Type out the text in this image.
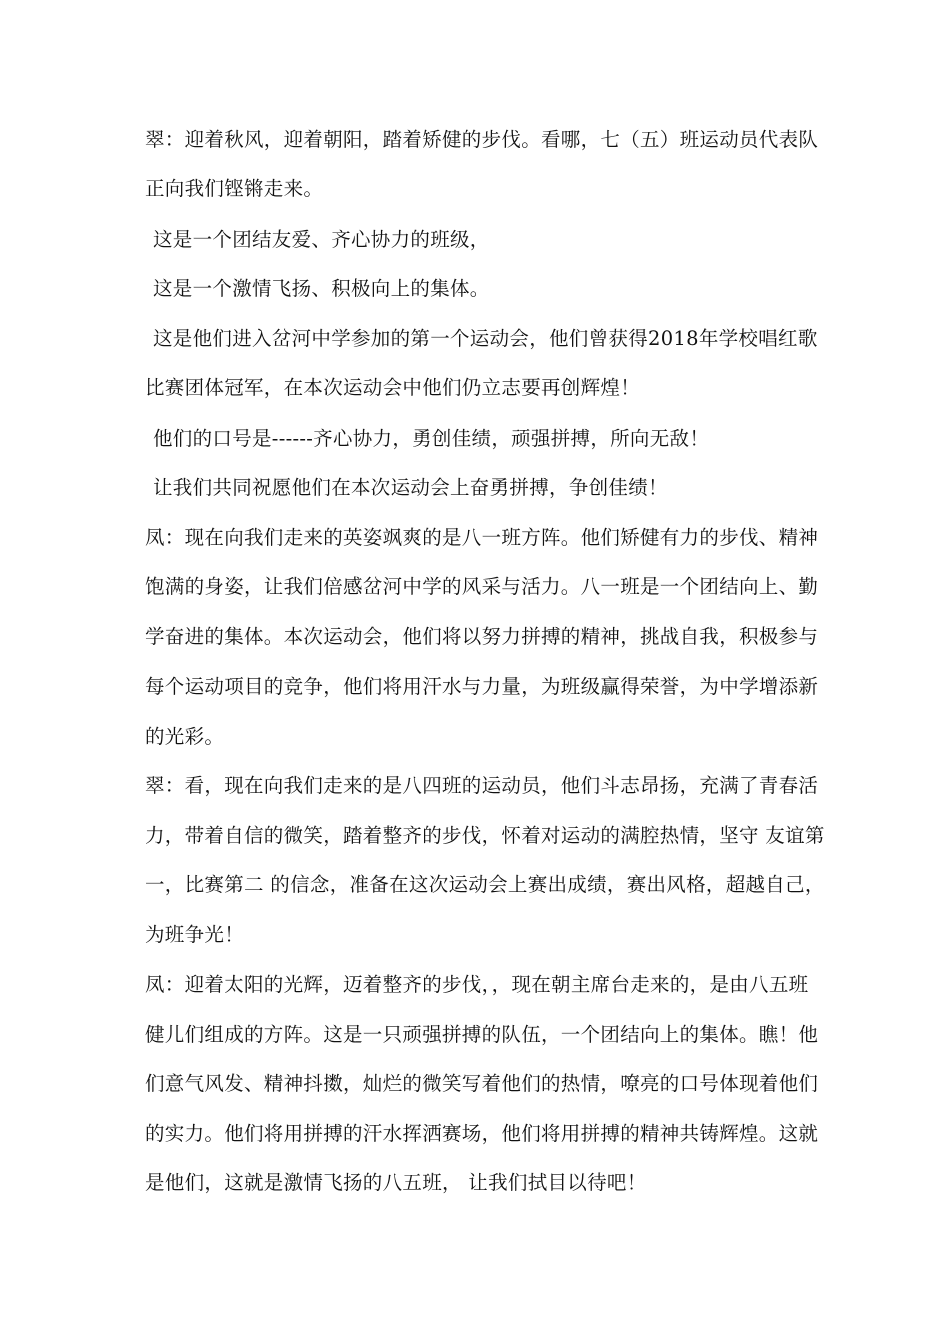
翠：迎着秋风，迎着朝阳，踏着矫健的步伐。看哪，七（五）班运动员代表队
正向我们铿锵走来。
这是一个团结友爱、齐心协力的班级，
这是一个激情飞扬、积极向上的集体。
这是他们进入岔河中学参加的第一个运动会，他们曾获得2018年学校唱红歌
比赛团体冠军，在本次运动会中他们仍立志要再创辉煌！
他们的口号是------齐心协力，勇创佳绩，顽强拼搏，所向无敌！
让我们共同祝愿他们在本次运动会上奋勇拼搏，争创佳绩！
凤：现在向我们走来的英姿飒爽的是八一班方阵。他们矫健有力的步伐、精神
饱满的身姿，让我们倍感岔河中学的风采与活力。八一班是一个团结向上、勤
学奋进的集体。本次运动会，他们将以努力拼搏的精神，挑战自我，积极参与
每个运动项目的竞争，他们将用汗水与力量，为班级赢得荣誉，为中学增添新
的光彩。
翠：看，现在向我们走来的是八四班的运动员，他们斗志昂扬，充满了青春活
力，带着自信的微笑，踏着整齐的步伐，怀着对运动的满腔热情，坚守 友谊第
一，比赛第二 的信念，准备在这次运动会上赛出成绩，赛出风格，超越自己，
为班争光！
凤：迎着太阳的光辉，迈着整齐的步伐，，现在朝主席台走来的，是由八五班
健儿们组成的方阵。这是一只顽强拼搏的队伍，一个团结向上的集体。瞧！他
们意气风发、精神抖擞，灿烂的微笑写着他们的热情，嘹亮的口号体现着他们
的实力。他们将用拼搏的汗水挥洒赛场，他们将用拼搏的精神共铸辉煌。这就
是他们，这就是激情飞扬的八五班， 让我们拭目以待吧！
